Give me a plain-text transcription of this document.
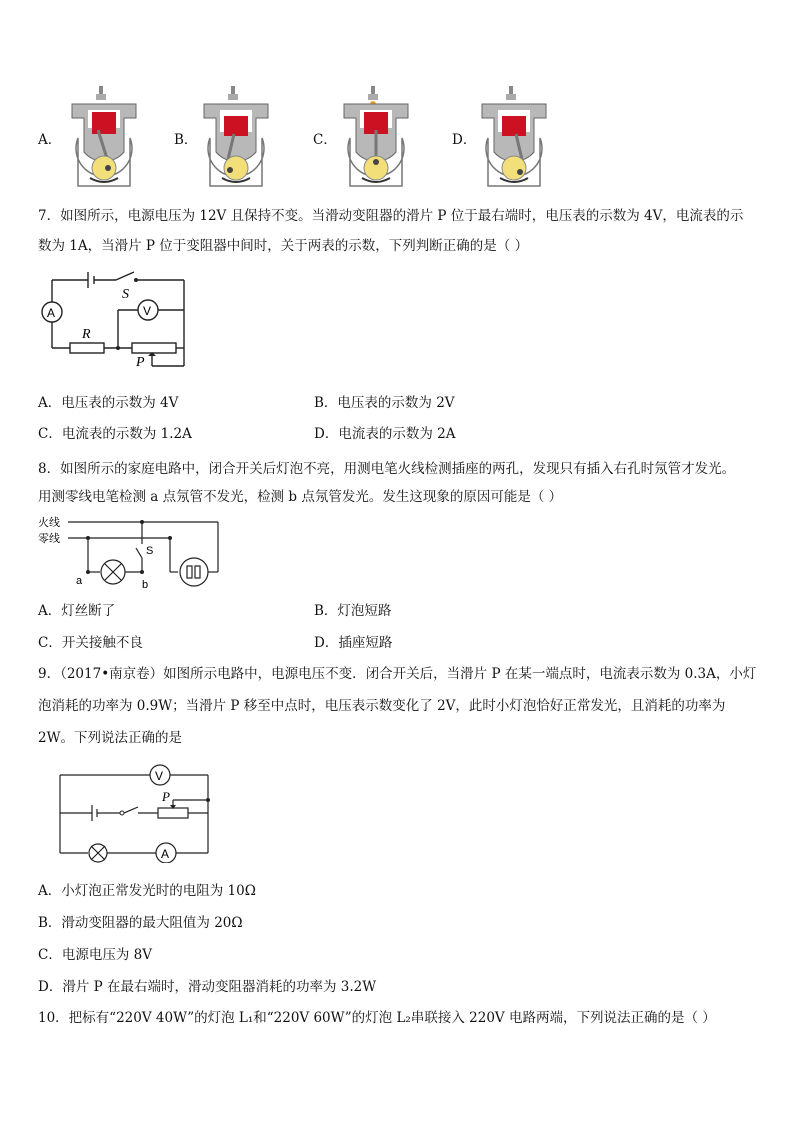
A．	B．	C．	D．
7．如图所示，电源电压为 12V 且保持不变。当滑动变阻器的滑片 P 位于最右端时，电压表的示数为 4V，电流表的示
数为 1A，当滑片 P 位于变阻器中间时，关于两表的示数，下列判断正确的是（ ）
S
A	V
R
P
A．电压表的示数为 4V	B．电压表的示数为 2V
C．电流表的示数为 1.2A	D．电流表的示数为 2A
8．如图所示的家庭电路中，闭合开关后灯泡不亮，用测电笔火线检测插座的两孔，发现只有插入右孔时氖管才发光。
用测零线电笔检测 a 点氖管不发光，检测 b 点氖管发光。发生这现象的原因可能是（ ）
火线
零线
a	b
S
A．灯丝断了	B．灯泡短路
C．开关接触不良	D．插座短路
9．（2017•南京卷）如图所示电路中，电源电压不变．闭合开关后，当滑片 P 在某一端点时，电流表示数为 0.3A，小灯
泡消耗的功率为 0.9W；当滑片 P 移至中点时，电压表示数变化了 2V，此时小灯泡恰好正常发光，且消耗的功率为
2W。下列说法正确的是
V
A
P
A．小灯泡正常发光时的电阻为 10Ω
B．滑动变阻器的最大阻值为 20Ω
C．电源电压为 8V
D．滑片 P 在最右端时，滑动变阻器消耗的功率为 3.2W
10．把标有“220V 40W”的灯泡 L₁和“220V 60W”的灯泡 L₂串联接入 220V 电路两端，下列说法正确的是（ ）
